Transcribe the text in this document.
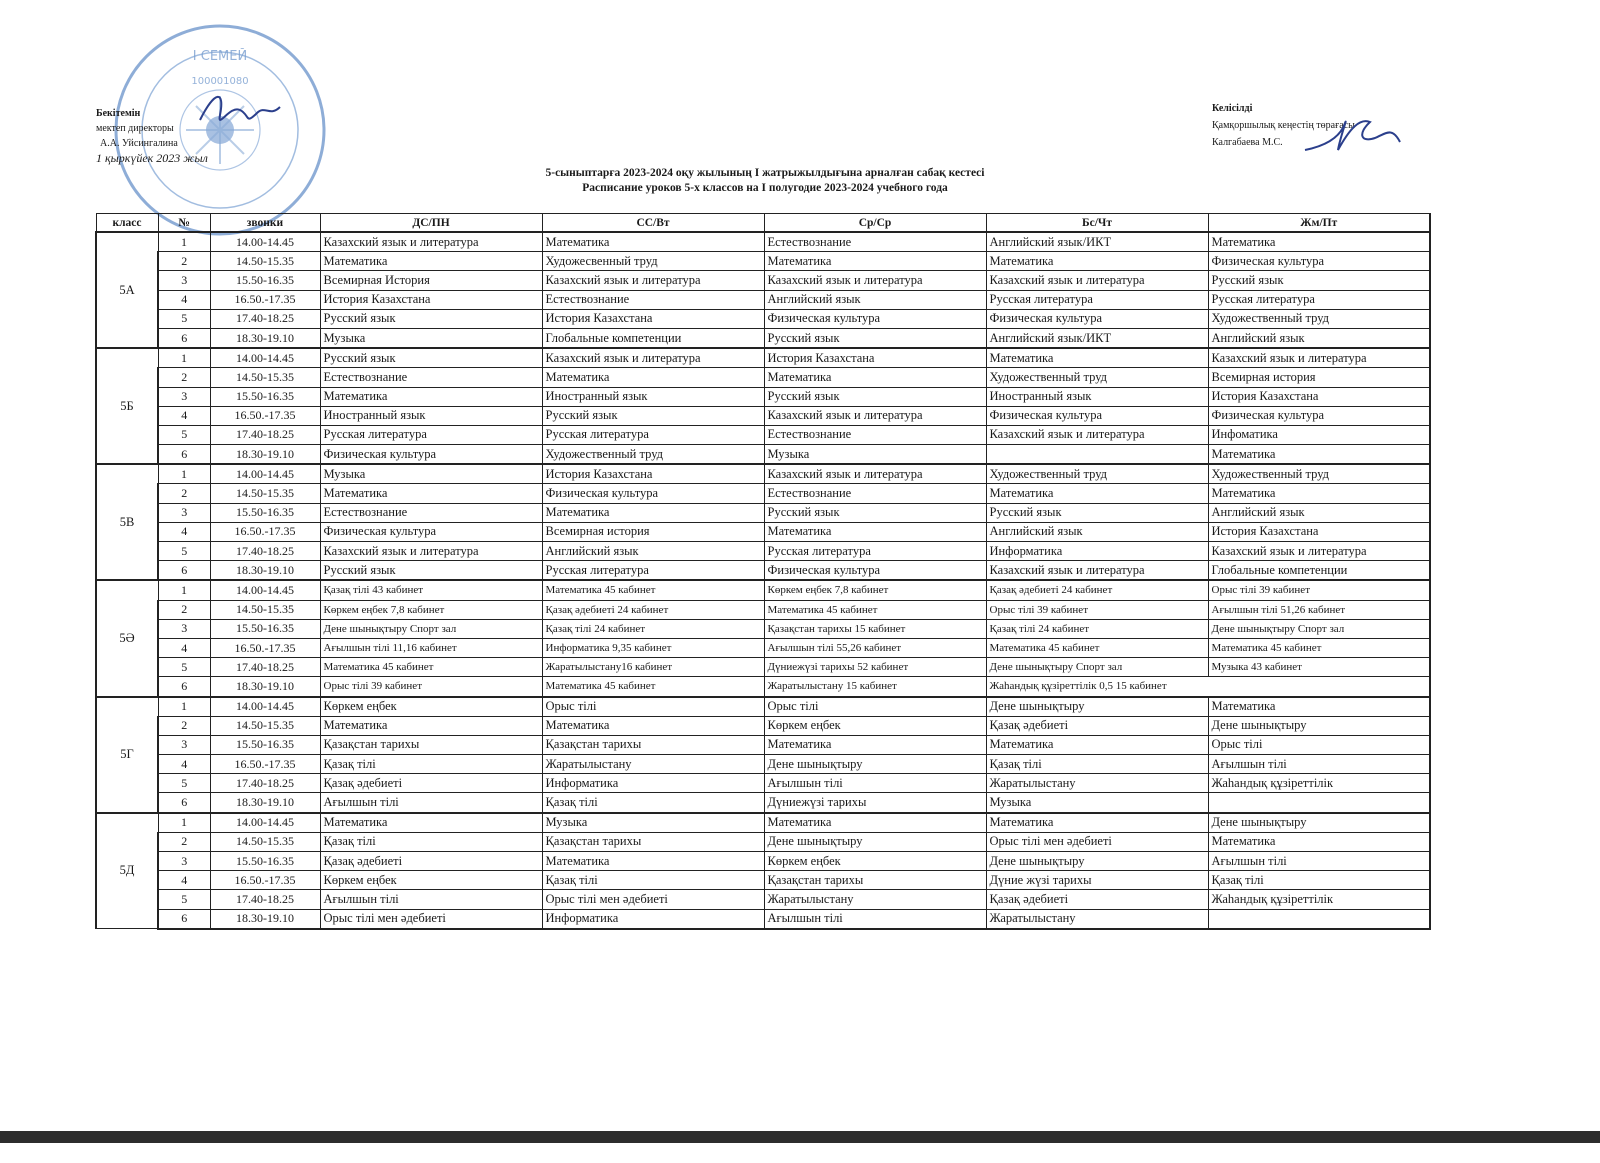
I СЕМЕЙ
100001080
Бекітемін
мектеп директоры
А.А. Уйсингалина
1 қыркүйек 2023 жыл
Келісілді
Қамқоршылық кеңестің төрағасы
Калгабаева М.С.
5-сыныптарға 2023-2024 оқу жылының I жатрыжылдығына арналған сабақ кестесі
Расписание уроков 5-х классов на I полугодие 2023-2024 учебного года
класс	№	звонки	ДС/ПН	СС/Вт	Ср/Ср	Бс/Чт	Жм/Пт
5А	1	14.00-14.45	Казахский язык и литература	Математика	Естествознание	Английский язык/ИКТ	Математика
	2	14.50-15.35	Математика	Художесвенный труд	Математика	Математика	Физическая культура
	3	15.50-16.35	Всемирная История	Казахский язык и литература	Казахский язык и литература	Казахский язык и литература	Русский язык
	4	16.50.-17.35	История Казахстана	Естествознание	Английский язык	Русская литература	Русская литература
	5	17.40-18.25	Русский язык	История Казахстана	Физическая культура	Физическая культура	Художественный труд
	6	18.30-19.10	Музыка	Глобальные компетенции	Русский язык	Английский язык/ИКТ	Английский язык
5Б	1	14.00-14.45	Русский язык	Казахский язык и литература	История Казахстана	Математика	Казахский язык и литература
	2	14.50-15.35	Естествознание	Математика	Математика	Художественный труд	Всемирная история
	3	15.50-16.35	Математика	Иностранный язык	Русский язык	Иностранный язык	История Казахстана
	4	16.50.-17.35	Иностранный язык	Русский язык	Казахский язык и литература	Физическая культура	Физическая культура
	5	17.40-18.25	Русская литература	Русская литература	Естествознание	Казахский язык и литература	Инфоматика
	6	18.30-19.10	Физическая культура	Художественный труд	Музыка		Математика
5В	1	14.00-14.45	Музыка	История Казахстана	Казахский язык и литература	Художественный труд	Художественный труд
	2	14.50-15.35	Математика	Физическая культура	Естествознание	Математика	Математика
	3	15.50-16.35	Естествознание	Математика	Русский язык	Русский язык	Английский язык
	4	16.50.-17.35	Физическая культура	Всемирная история	Математика	Английский язык	История Казахстана
	5	17.40-18.25	Казахский язык и литература	Английский язык	Русская литература	Информатика	Казахский язык и литература
	6	18.30-19.10	Русский язык	Русская литература	Физическая культура	Казахский язык и литература	Глобальные компетенции
5Ә	1	14.00-14.45	Қазақ тілі 43 кабинет	Математика 45 кабинет	Көркем еңбек 7,8 кабинет	Қазақ әдебиеті 24 кабинет	Орыс тілі 39 кабинет
	2	14.50-15.35	Көркем еңбек 7,8 кабинет	Қазақ әдебиеті 24 кабинет	Математика 45 кабинет	Орыс тілі 39 кабинет	Ағылшын тілі 51,26 кабинет
	3	15.50-16.35	Дене шынықтыру Спорт зал	Қазақ тілі 24 кабинет	Қазақстан тарихы 15 кабинет	Қазақ тілі 24 кабинет	Дене шынықтыру Спорт зал
	4	16.50.-17.35	Ағылшын тілі 11,16 кабинет	Информатика 9,35 кабинет	Ағылшын тілі 55,26 кабинет	Математика 45 кабинет	Математика 45 кабинет
	5	17.40-18.25	Математика 45 кабинет	Жаратылыстану16 кабинет	Дүниежүзі тарихы 52 кабинет	Дене шынықтыру Спорт зал	Музыка 43 кабинет
	6	18.30-19.10	Орыс тілі 39 кабинет	Математика 45 кабинет	Жаратылыстану 15 кабинет	Жаһандық құзіреттілік 0,5 15 кабинет	
5Г	1	14.00-14.45	Көркем еңбек	Орыс тілі	Орыс тілі	Дене шынықтыру	Математика
	2	14.50-15.35	Математика	Математика	Көркем еңбек	Қазақ әдебиеті	Дене шынықтыру
	3	15.50-16.35	Қазақстан тарихы	Қазақстан тарихы	Математика	Математика	Орыс тілі
	4	16.50.-17.35	Қазақ тілі	Жаратылыстану	Дене шынықтыру	Қазақ тілі	Ағылшын тілі
	5	17.40-18.25	Қазақ әдебиеті	Информатика	Ағылшын тілі	Жаратылыстану	Жаһандық құзіреттілік
	6	18.30-19.10	Ағылшын тілі	Қазақ тілі	Дүниежүзі тарихы	Музыка	
5Д	1	14.00-14.45	Математика	Музыка	Математика	Математика	Дене шынықтыру
	2	14.50-15.35	Қазақ тілі	Қазақстан тарихы	Дене шынықтыру	Орыс тілі мен әдебиеті	Математика
	3	15.50-16.35	Қазақ әдебиеті	Математика	Көркем еңбек	Дене шынықтыру	Ағылшын тілі
	4	16.50.-17.35	Көркем еңбек	Қазақ тілі	Қазақстан тарихы	Дүние жүзі тарихы	Қазақ тілі
	5	17.40-18.25	Ағылшын тілі	Орыс тілі мен әдебиеті	Жаратылыстану	Қазақ әдебиеті	Жаһандық құзіреттілік
	6	18.30-19.10	Орыс тілі мен әдебиеті	Информатика	Ағылшын тілі	Жаратылыстану	
